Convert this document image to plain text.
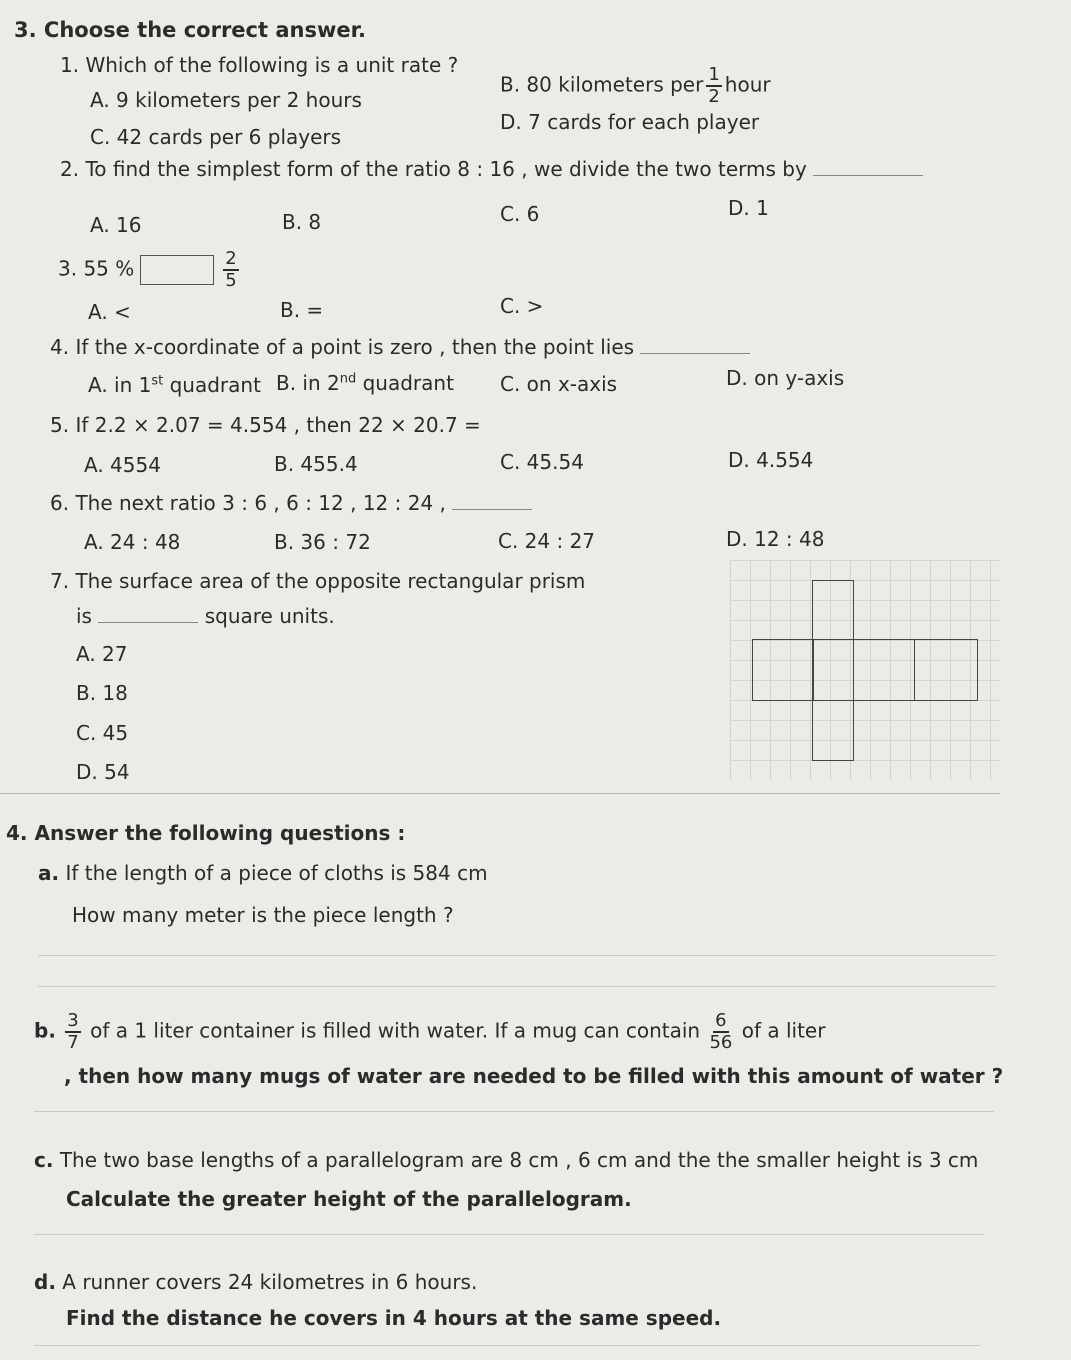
3. Choose the correct answer.
1. Which of the following is a unit rate ?
A. 9 kilometers per 2 hours
B. 80 kilometers per $\frac{1}{2}$ hour
C. 42 cards per 6 players
D. 7 cards for each player
2. To find the simplest form of the ratio 8 : 16 , we divide the two terms by
A. 16	B. 8	C. 6	D. 1
3. 55 %	$\frac{2}{5}$
A. <	B. =	C. >
4. If the x-coordinate of a point is zero , then the point lies
A. in 1st quadrant B. in 2nd quadrant C. on x-axis	D. on y-axis
5. If 2.2 × 2.07 = 4.554 , then 22 × 20.7 =
A. 4554	B. 455.4	C. 45.54	D. 4.554
6. The next ratio 3 : 6 , 6 : 12 , 12 : 24 ,
A. 24 : 48	B. 36 : 72	C. 24 : 27	D. 12 : 48
7. The surface area of the opposite rectangular prism
is	square units.
A. 27
B. 18
C. 45
D. 54
4. Answer the following questions :
a. If the length of a piece of cloths is 584 cm
How many meter is the piece length ?
b. $\frac{3}{7}$ of a 1 liter container is filled with water. If a mug can contain $\frac{6}{56}$ of a liter
, then how many mugs of water are needed to be filled with this amount of water ?
c. The two base lengths of a parallelogram are 8 cm , 6 cm and the the smaller height is 3 cm
Calculate the greater height of the parallelogram.
d. A runner covers 24 kilometres in 6 hours.
Find the distance he covers in 4 hours at the same speed.
